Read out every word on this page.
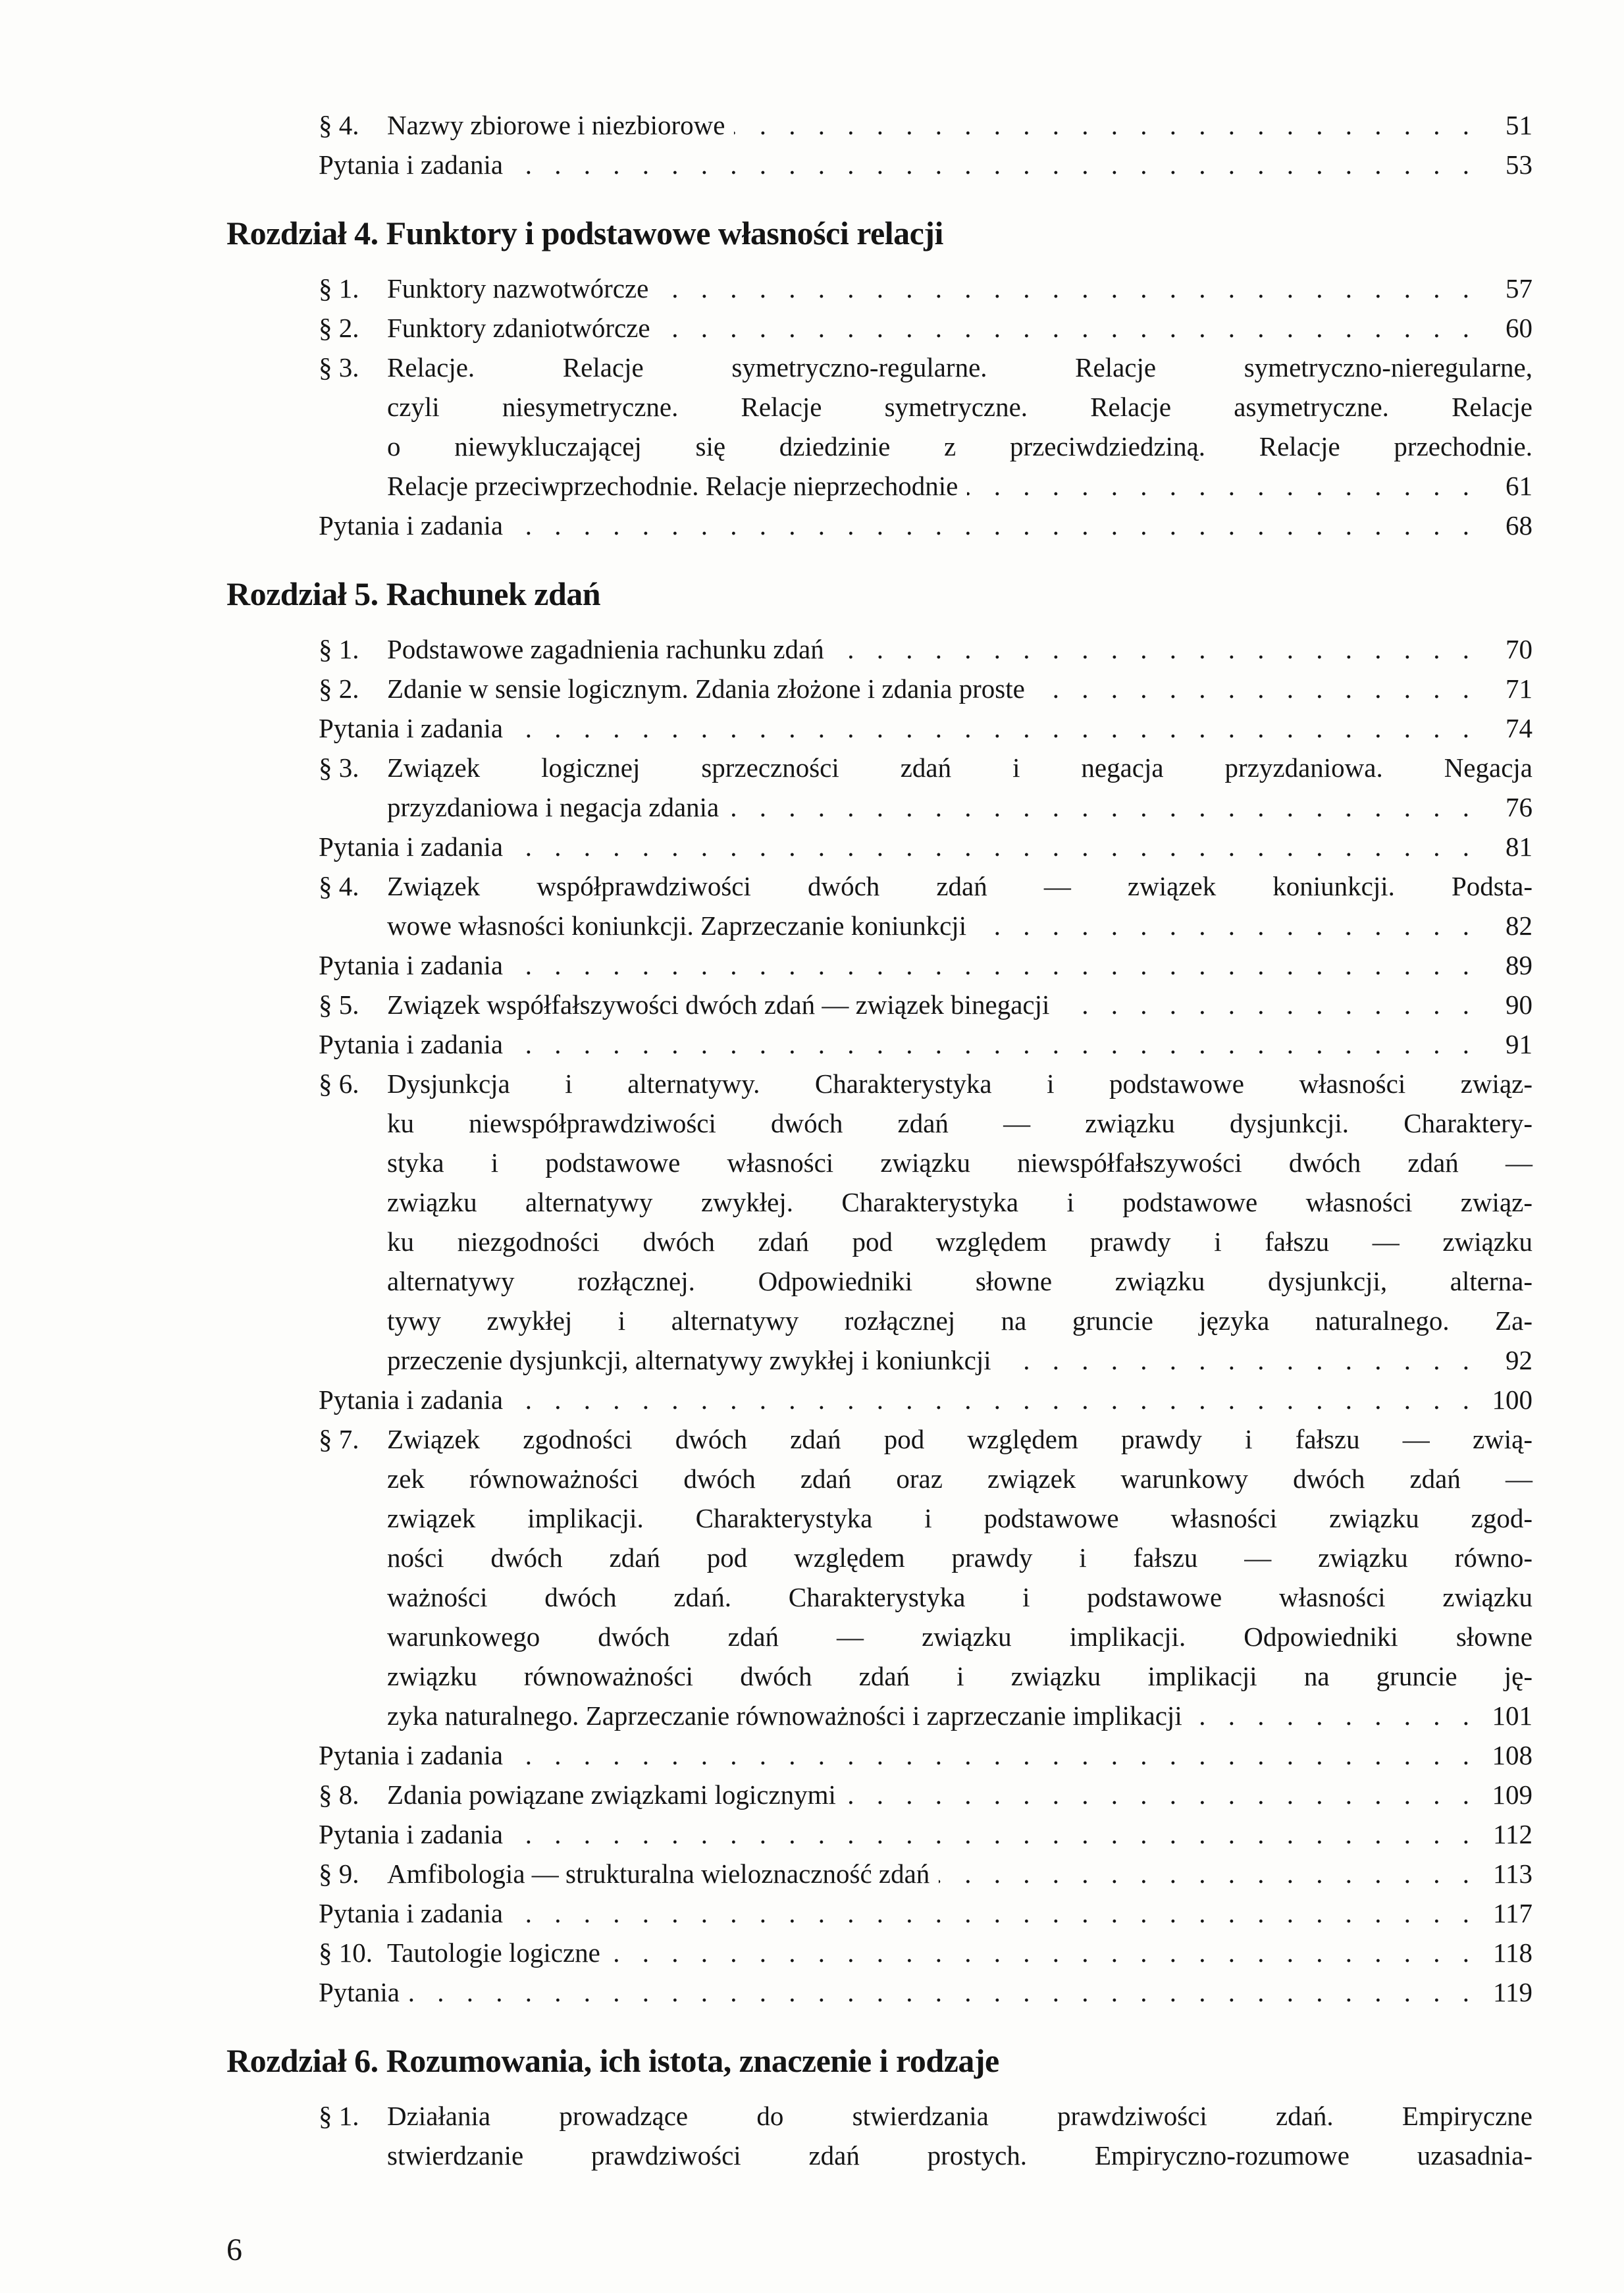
§ 4.	Nazwy zbiorowe i niezbiorowe . . .	51
Pytania i zadania . . .	53
Rozdział 4. Funktory i podstawowe własności relacji
§ 1.	Funktory nazwotwórcze . . .	57
§ 2.	Funktory zdaniotwórcze . . .	60
§ 3.	Relacje. Relacje symetryczno-regularne. Relacje symetryczno-nieregularne,
czyli niesymetryczne. Relacje symetryczne. Relacje asymetryczne. Relacje
o niewykluczającej się dziedzinie z przeciwdziedziną. Relacje przechodnie.
Relacje przeciwprzechodnie. Relacje nieprzechodnie . . .	61
Pytania i zadania . . .	68
Rozdział 5. Rachunek zdań
§ 1.	Podstawowe zagadnienia rachunku zdań . . .	70
§ 2.	Zdanie w sensie logicznym. Zdania złożone i zdania proste . . .	71
Pytania i zadania . . .	74
§ 3.	Związek logicznej sprzeczności zdań i negacja przyzdaniowa. Negacja
przyzdaniowa i negacja zdania . . .	76
Pytania i zadania . . .	81
§ 4.	Związek współprawdziwości dwóch zdań — związek koniunkcji. Podsta-
wowe własności koniunkcji. Zaprzeczanie koniunkcji . . .	82
Pytania i zadania . . .	89
§ 5.	Związek współfałszywości dwóch zdań — związek binegacji . . .	90
Pytania i zadania . . .	91
§ 6.	Dysjunkcja i alternatywy. Charakterystyka i podstawowe własności związ-
ku niewspółprawdziwości dwóch zdań — związku dysjunkcji. Charaktery-
styka i podstawowe własności związku niewspółfałszywości dwóch zdań —
związku alternatywy zwykłej. Charakterystyka i podstawowe własności związ-
ku niezgodności dwóch zdań pod względem prawdy i fałszu — związku
alternatywy rozłącznej. Odpowiedniki słowne związku dysjunkcji, alterna-
tywy zwykłej i alternatywy rozłącznej na gruncie języka naturalnego. Za-
przeczenie dysjunkcji, alternatywy zwykłej i koniunkcji . . .	92
Pytania i zadania . . .	100
§ 7.	Związek zgodności dwóch zdań pod względem prawdy i fałszu — zwią-
zek równoważności dwóch zdań oraz związek warunkowy dwóch zdań —
związek implikacji. Charakterystyka i podstawowe własności związku zgod-
ności dwóch zdań pod względem prawdy i fałszu — związku równo-
ważności dwóch zdań. Charakterystyka i podstawowe własności związku
warunkowego dwóch zdań — związku implikacji. Odpowiedniki słowne
związku równoważności dwóch zdań i związku implikacji na gruncie ję-
zyka naturalnego. Zaprzeczanie równoważności i zaprzeczanie implikacji . . .	101
Pytania i zadania . . .	108
§ 8.	Zdania powiązane związkami logicznymi . . .	109
Pytania i zadania . . .	112
§ 9.	Amfibologia — strukturalna wieloznaczność zdań . . .	113
Pytania i zadania . . .	117
§ 10. Tautologie logiczne . . .	118
Pytania . . .	119
Rozdział 6. Rozumowania, ich istota, znaczenie i rodzaje
§ 1.	Działania prowadzące do stwierdzania prawdziwości zdań. Empiryczne
stwierdzanie prawdziwości zdań prostych. Empiryczno-rozumowe uzasadnia-
6
